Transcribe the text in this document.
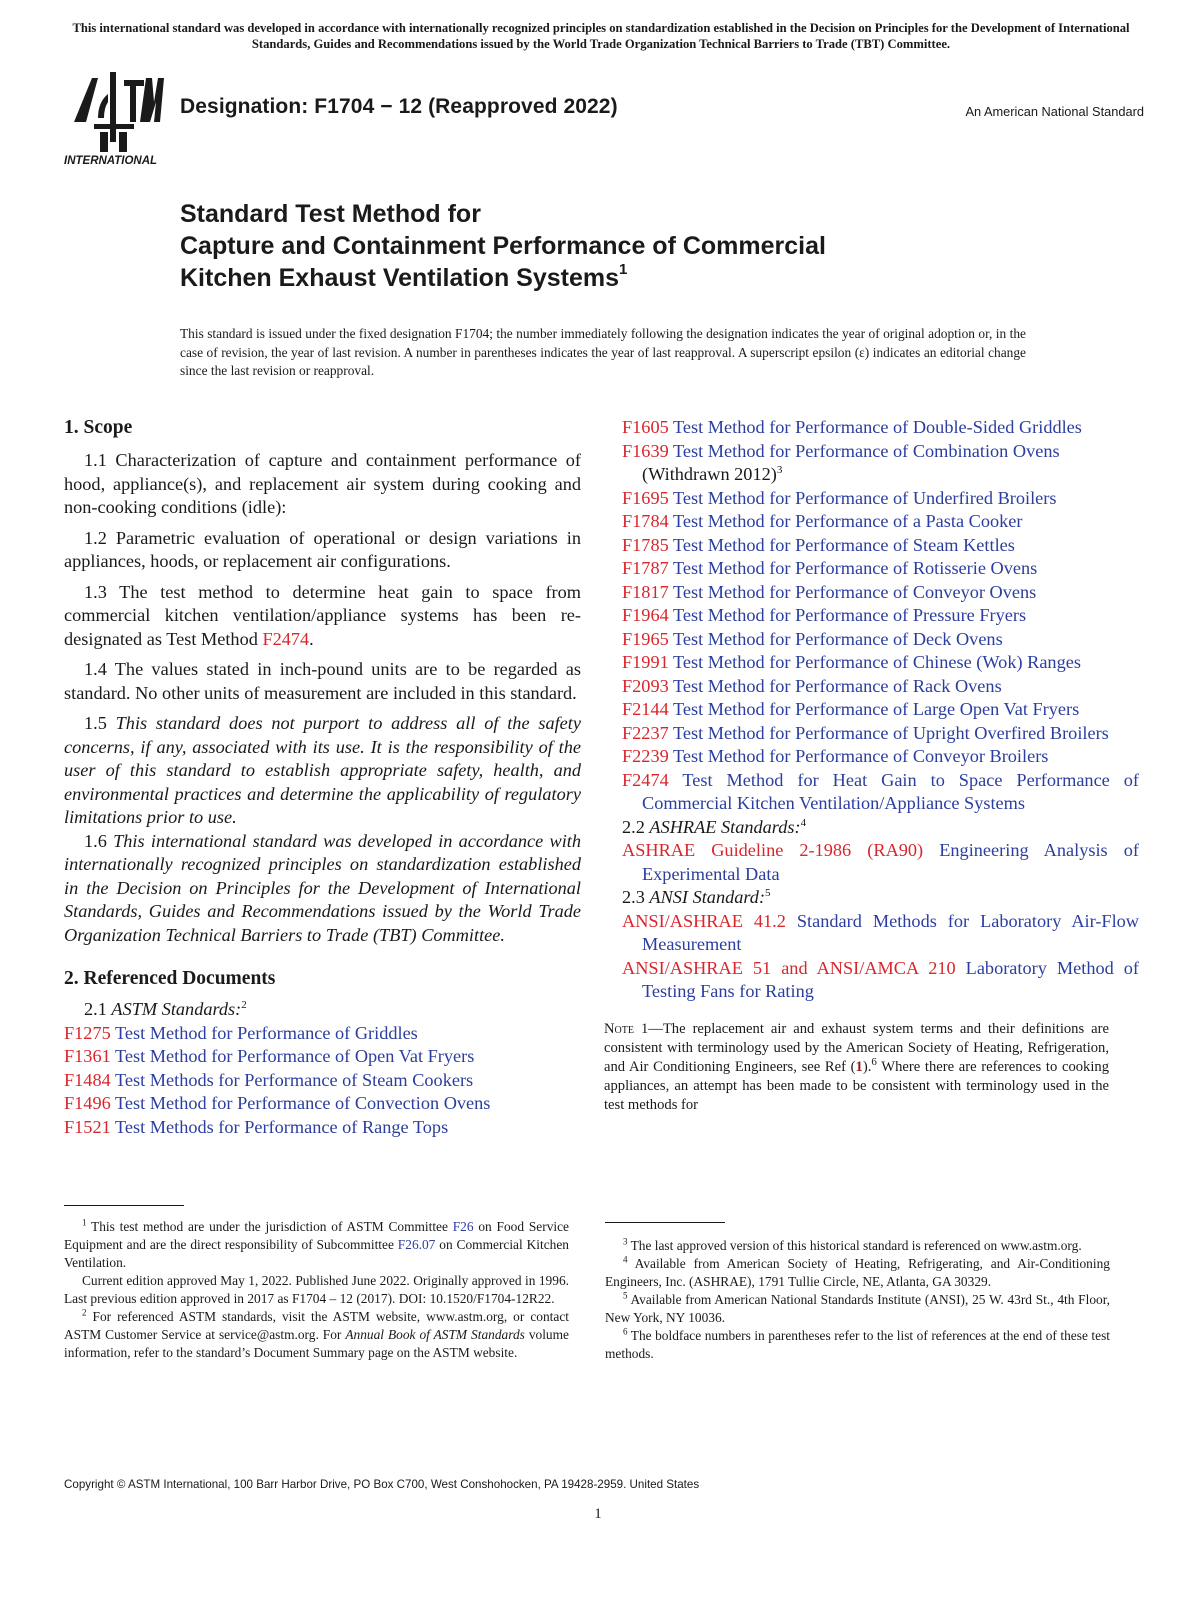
This international standard was developed in accordance with internationally recognized principles on standardization established in the Decision on Principles for the Development of International Standards, Guides and Recommendations issued by the World Trade Organization Technical Barriers to Trade (TBT) Committee.
INTERNATIONAL
Designation: F1704 − 12 (Reapproved 2022)	An American National Standard
Standard Test Method for
Capture and Containment Performance of Commercial
Kitchen Exhaust Ventilation Systems$^1$
This standard is issued under the fixed designation F1704; the number immediately following the designation indicates the year of original adoption or, in the case of revision, the year of last revision. A number in parentheses indicates the year of last reapproval. A superscript epsilon (ε) indicates an editorial change since the last revision or reapproval.
1. Scope

1.1 Characterization of capture and containment performance of hood, appliance(s), and replacement air system during cooking and non-cooking conditions (idle):

1.2 Parametric evaluation of operational or design variations in appliances, hoods, or replacement air configurations.

1.3 The test method to determine heat gain to space from commercial kitchen ventilation/appliance systems has been re-designated as Test Method F2474.

1.4 The values stated in inch-pound units are to be regarded as standard. No other units of measurement are included in this standard.

1.5 This standard does not purport to address all of the safety concerns, if any, associated with its use. It is the responsibility of the user of this standard to establish appropriate safety, health, and environmental practices and determine the applicability of regulatory limitations prior to use.

1.6 This international standard was developed in accordance with internationally recognized principles on standardization established in the Decision on Principles for the Development of International Standards, Guides and Recommendations issued by the World Trade Organization Technical Barriers to Trade (TBT) Committee.

2. Referenced Documents

2.1 ASTM Standards:$^2$

F1275 Test Method for Performance of Griddles

F1361 Test Method for Performance of Open Vat Fryers

F1484 Test Methods for Performance of Steam Cookers

F1496 Test Method for Performance of Convection Ovens

F1521 Test Methods for Performance of Range Tops

F1605 Test Method for Performance of Double-Sided Griddles

F1639 Test Method for Performance of Combination Ovens
(Withdrawn 2012)$^3$

F1695 Test Method for Performance of Underfired Broilers

F1784 Test Method for Performance of a Pasta Cooker

F1785 Test Method for Performance of Steam Kettles

F1787 Test Method for Performance of Rotisserie Ovens

F1817 Test Method for Performance of Conveyor Ovens

F1964 Test Method for Performance of Pressure Fryers

F1965 Test Method for Performance of Deck Ovens

F1991 Test Method for Performance of Chinese (Wok) Ranges

F2093 Test Method for Performance of Rack Ovens

F2144 Test Method for Performance of Large Open Vat Fryers

F2237 Test Method for Performance of Upright Overfired Broilers

F2239 Test Method for Performance of Conveyor Broilers

F2474 Test Method for Heat Gain to Space Performance of Commercial Kitchen Ventilation/Appliance Systems

2.2 ASHRAE Standards:$^4$

ASHRAE Guideline 2-1986 (RA90) Engineering Analysis of Experimental Data

2.3 ANSI Standard:$^5$

ANSI/ASHRAE 41.2 Standard Methods for Laboratory Air-Flow Measurement

ANSI/ASHRAE 51 and ANSI/AMCA 210 Laboratory Method of Testing Fans for Rating

Note 1—The replacement air and exhaust system terms and their definitions are consistent with terminology used by the American Society of Heating, Refrigeration, and Air Conditioning Engineers, see Ref (1).$^6$ Where there are references to cooking appliances, an attempt has been made to be consistent with terminology used in the test methods for

$^1$ This test method are under the jurisdiction of ASTM Committee F26 on Food Service Equipment and are the direct responsibility of Subcommittee F26.07 on Commercial Kitchen Ventilation.

Current edition approved May 1, 2022. Published June 2022. Originally approved in 1996. Last previous edition approved in 2017 as F1704 – 12 (2017). DOI: 10.1520/F1704-12R22.

$^2$ For referenced ASTM standards, visit the ASTM website, www.astm.org, or contact ASTM Customer Service at service@astm.org. For Annual Book of ASTM Standards volume information, refer to the standard’s Document Summary page on the ASTM website.

$^3$ The last approved version of this historical standard is referenced on www.astm.org.

$^4$ Available from American Society of Heating, Refrigerating, and Air-Conditioning Engineers, Inc. (ASHRAE), 1791 Tullie Circle, NE, Atlanta, GA 30329.

$^5$ Available from American National Standards Institute (ANSI), 25 W. 43rd St., 4th Floor, New York, NY 10036.

$^6$ The boldface numbers in parentheses refer to the list of references at the end of these test methods.

Copyright © ASTM International, 100 Barr Harbor Drive, PO Box C700, West Conshohocken, PA 19428-2959. United States
1
